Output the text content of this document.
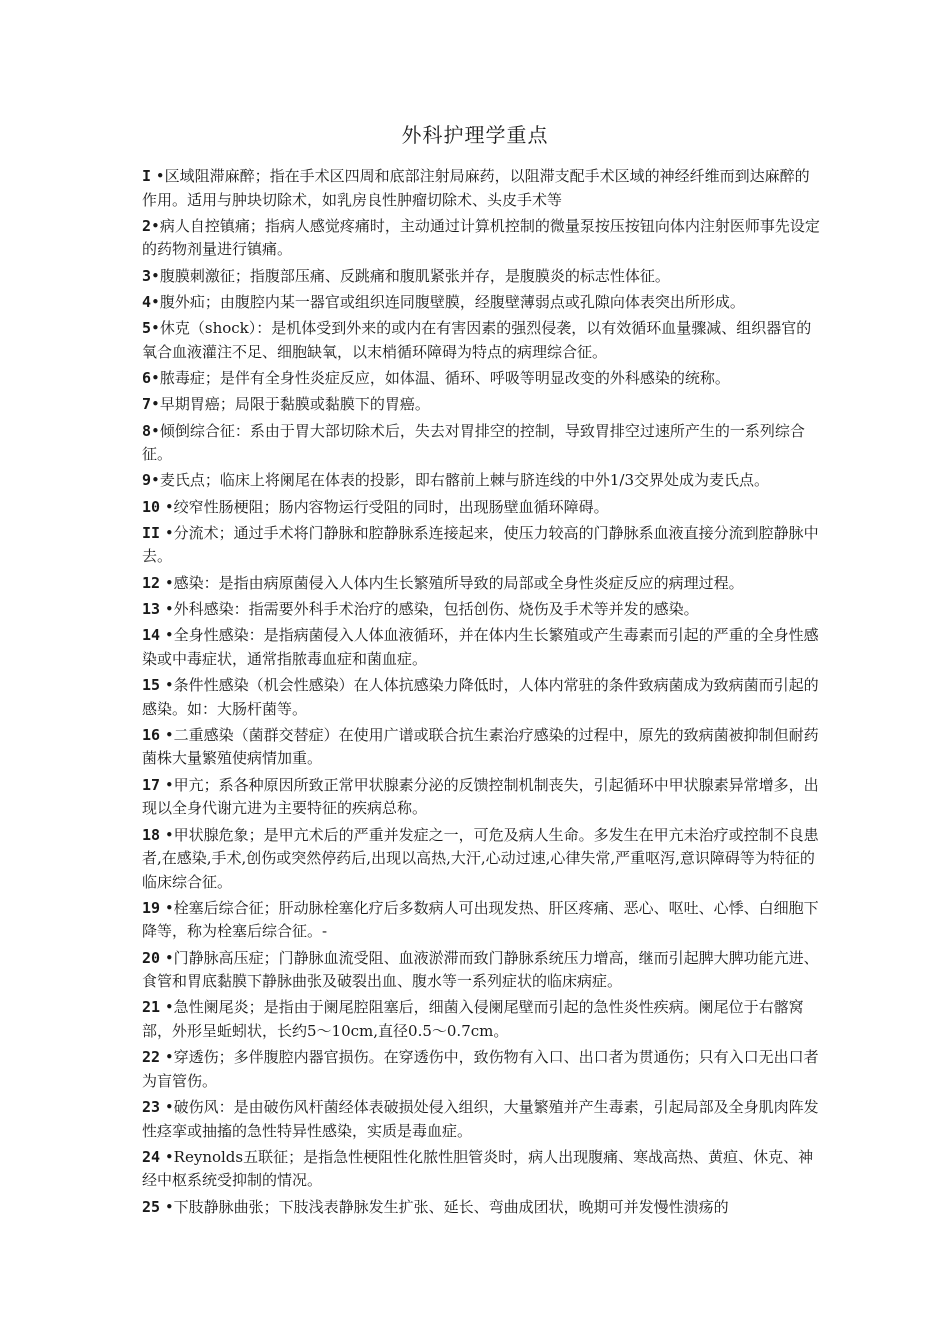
外科护理学重点

I •区域阻滞麻醉；指在手术区四周和底部注射局麻药，以阻滞支配手术区域的神经纤维而到达麻醉的作用。适用与肿块切除术，如乳房良性肿瘤切除术、头皮手术等

2•病人自控镇痛；指病人感觉疼痛时，主动通过计算机控制的微量泵按压按钮向体内注射医师事先设定的药物剂量进行镇痛。

3•腹膜刺激征；指腹部压痛、反跳痛和腹肌紧张并存，是腹膜炎的标志性体征。

4•腹外疝；由腹腔内某一器官或组织连同腹壁膜，经腹壁薄弱点或孔隙向体表突出所形成。

5•休克（shock）：是机体受到外来的或内在有害因素的强烈侵袭，以有效循环血量骤减、组织器官的氧合血液灌注不足、细胞缺氧，以末梢循环障碍为特点的病理综合征。

6•脓毒症；是伴有全身性炎症反应，如体温、循环、呼吸等明显改变的外科感染的统称。

7•早期胃癌；局限于黏膜或黏膜下的胃癌。

8•倾倒综合征：系由于胃大部切除术后，失去对胃排空的控制，导致胃排空过速所产生的一系列综合征。

9•麦氏点；临床上将阑尾在体表的投影，即右髂前上棘与脐连线的中外1/3交界处成为麦氏点。

10 •绞窄性肠梗阻；肠内容物运行受阻的同时，出现肠壁血循环障碍。

II •分流术；通过手术将门静脉和腔静脉系连接起来，使压力较高的门静脉系血液直接分流到腔静脉中去。

12 •感染：是指由病原菌侵入人体内生长繁殖所导致的局部或全身性炎症反应的病理过程。

13 •外科感染：指需要外科手术治疗的感染，包括创伤、烧伤及手术等并发的感染。

14 •全身性感染：是指病菌侵入人体血液循环，并在体内生长繁殖或产生毒素而引起的严重的全身性感染或中毒症状，通常指脓毒血症和菌血症。

15 •条件性感染（机会性感染）在人体抗感染力降低时，人体内常驻的条件致病菌成为致病菌而引起的感染。如：大肠杆菌等。

16 •二重感染（菌群交替症）在使用广谱或联合抗生素治疗感染的过程中，原先的致病菌被抑制但耐药菌株大量繁殖使病情加重。

17 •甲亢；系各种原因所致正常甲状腺素分泌的反馈控制机制丧失，引起循环中甲状腺素异常增多，出现以全身代谢亢进为主要特征的疾病总称。

18 •甲状腺危象；是甲亢术后的严重并发症之一，可危及病人生命。多发生在甲亢未治疗或控制不良患者,在感染,手术,创伤或突然停药后,出现以高热,大汗,心动过速,心律失常,严重呕泻,意识障碍等为特征的临床综合征。

19 •栓塞后综合征；肝动脉栓塞化疗后多数病人可出现发热、肝区疼痛、恶心、呕吐、心悸、白细胞下降等，称为栓塞后综合征。-

20 •门静脉高压症；门静脉血流受阻、血液淤滞而致门静脉系统压力增高，继而引起脾大脾功能亢进、食管和胃底黏膜下静脉曲张及破裂出血、腹水等一系列症状的临床病症。

21 •急性阑尾炎；是指由于阑尾腔阻塞后，细菌入侵阑尾壁而引起的急性炎性疾病。阑尾位于右髂窝部，外形呈蚯蚓状，长约5〜10cm,直径0.5〜0.7cm。

22 •穿透伤；多伴腹腔内器官损伤。在穿透伤中，致伤物有入口、出口者为贯通伤；只有入口无出口者为盲管伤。

23 •破伤风：是由破伤风杆菌经体表破损处侵入组织，大量繁殖并产生毒素，引起局部及全身肌肉阵发性痉挛或抽搐的急性特异性感染，实质是毒血症。

24 •Reynolds五联征；是指急性梗阻性化脓性胆管炎时，病人出现腹痛、寒战高热、黄疸、休克、神经中枢系统受抑制的情况。

25 •下肢静脉曲张；下肢浅表静脉发生扩张、延长、弯曲成团状，晚期可并发慢性溃疡的
